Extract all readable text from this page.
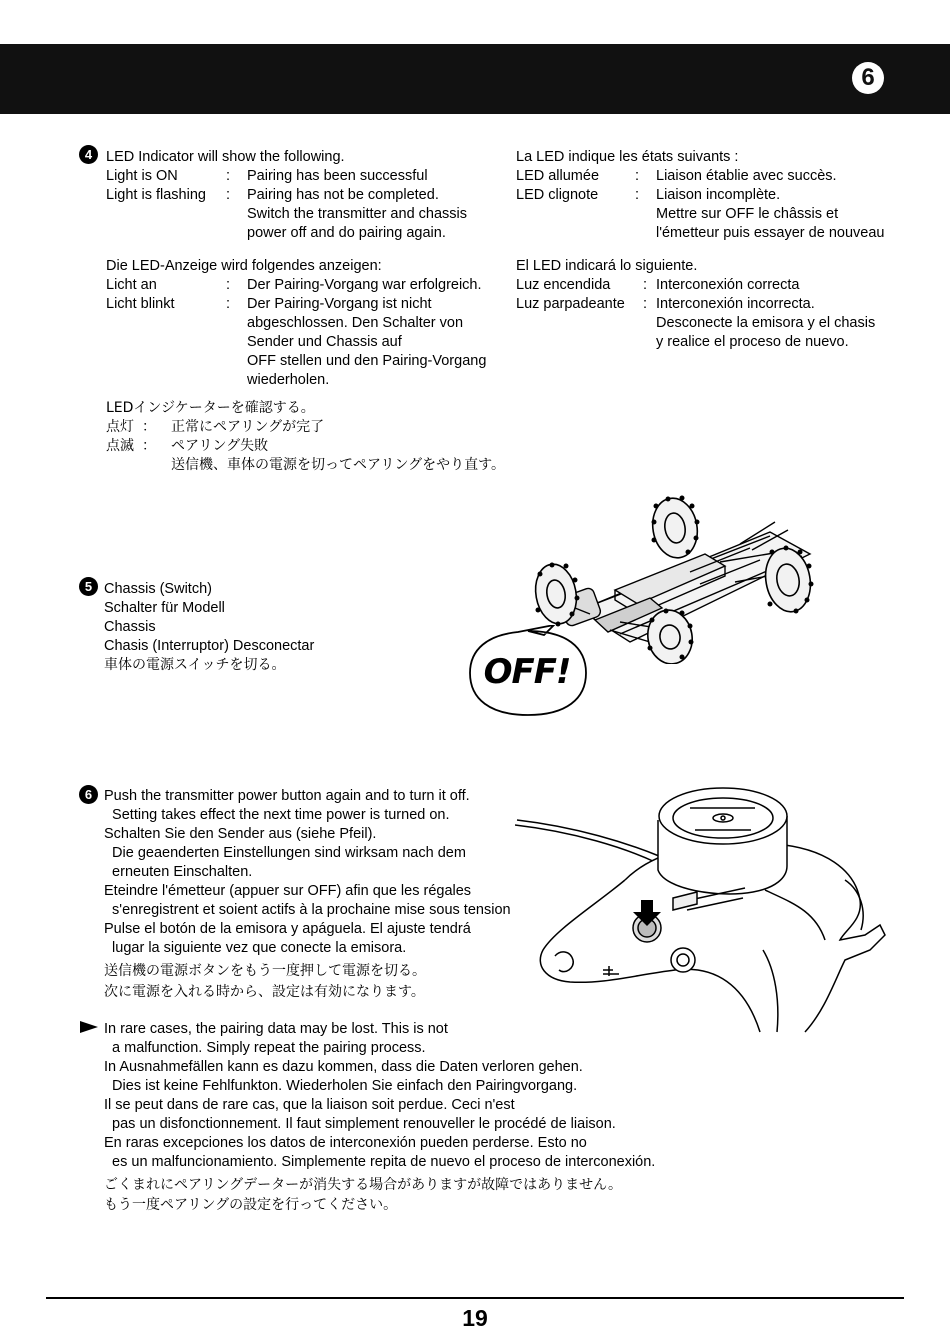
6
4 LED Indicator will show the following.
Light is ON	: Pairing has been successful
Light is flashing : Pairing has not be completed.
Switch the transmitter and chassis
power off and do pairing again.
La LED indique les états suivants :
LED allumée : Liaison établie avec succès.
LED clignote	: Liaison incomplète.
Mettre sur OFF le châssis et
l'émetteur puis essayer de nouveau
Die LED-Anzeige wird folgendes anzeigen:
Licht an	: Der Pairing-Vorgang war erfolgreich.
Licht blinkt	: Der Pairing-Vorgang ist nicht
abgeschlossen. Den Schalter von
Sender und Chassis auf
OFF stellen und den Pairing-Vorgang
wiederholen.
El LED indicará lo siguiente.
Luz encendida : Interconexión correcta
Luz parpadeante : Interconexión incorrecta.
Desconecte la emisora y el chasis
y realice el proceso de nuevo.
LEDインジケーターを確認する。
点灯 ： 正常にペアリングが完了
点滅 ： ペアリング失敗
送信機、車体の電源を切ってペアリングをやり直す。
5 Chassis (Switch)
Schalter für Modell
Chassis
Chasis (Interruptor) Desconectar
車体の電源スイッチを切る。	OFF!
6 Push the transmitter power button again and to turn it off.
Setting takes effect the next time power is turned on.
Schalten Sie den Sender aus (siehe Pfeil).
Die geaenderten Einstellungen sind wirksam nach dem
erneuten Einschalten.
Eteindre l'émetteur (appuer sur OFF) afin que les régales
s'enregistrent et soient actifs à la prochaine mise sous tension
Pulse el botón de la emisora y apáguela. El ajuste tendrá
lugar la siguiente vez que conecte la emisora.
送信機の電源ボタンをもう一度押して電源を切る。
次に電源を入れる時から、設定は有効になります。
In rare cases, the pairing data may be lost. This is not
a malfunction. Simply repeat the pairing process.
In Ausnahmefällen kann es dazu kommen, dass die Daten verloren gehen.
Dies ist keine Fehlfunkton. Wiederholen Sie einfach den Pairingvorgang.
Il se peut dans de rare cas, que la liaison soit perdue. Ceci n'est
pas un disfonctionnement. Il faut simplement renouveller le procédé de liaison.
En raras excepciones los datos de interconexión pueden perderse. Esto no
es un malfuncionamiento. Simplemente repita de nuevo el proceso de interconexión.
ごくまれにペアリングデーターが消失する場合がありますが故障ではありません。
もう一度ペアリングの設定を行ってください。
19
